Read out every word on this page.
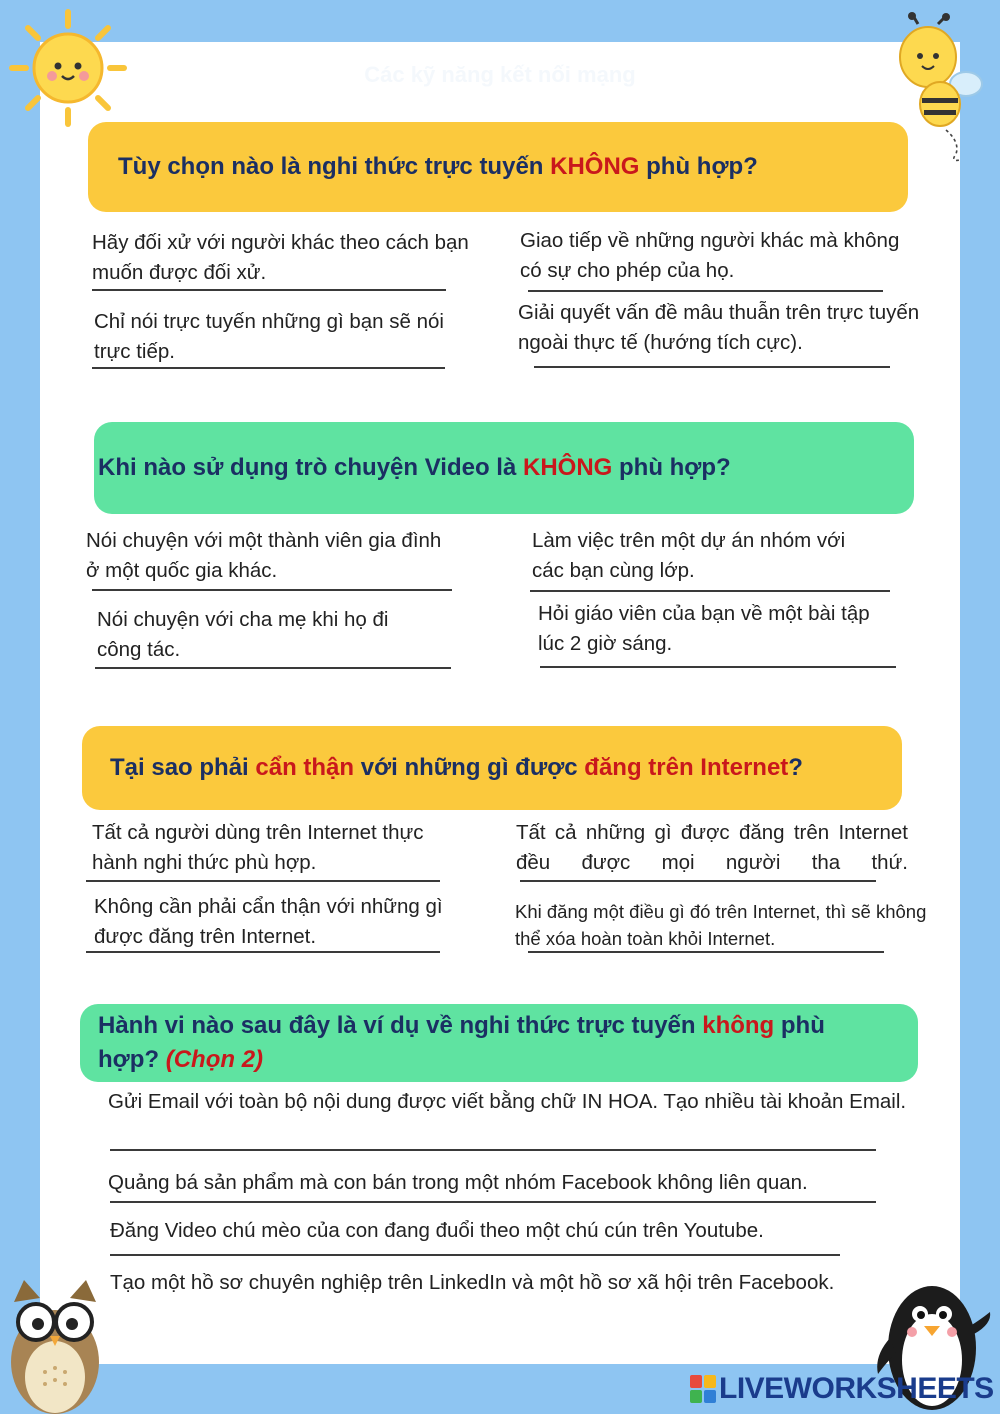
Các kỹ năng kết nối mạng
Tùy chọn nào là nghi thức trực tuyến KHÔNG phù hợp?
Hãy đối xử với người khác theo cách bạn muốn được đối xử.
Giao tiếp về những người khác mà không có sự cho phép của họ.
Chỉ nói trực tuyến những gì bạn sẽ nói trực tiếp.
Giải quyết vấn đề mâu thuẫn trên trực tuyến ngoài thực tế (hướng tích cực).
Khi nào sử dụng trò chuyện Video là KHÔNG phù hợp?
Nói chuyện với một thành viên gia đình ở một quốc gia khác.
Làm việc trên một dự án nhóm với các bạn cùng lớp.
Nói chuyện với cha mẹ khi họ đi công tác.
Hỏi giáo viên của bạn về một bài tập lúc 2 giờ sáng.
Tại sao phải cẩn thận với những gì được đăng trên Internet?
Tất cả người dùng trên Internet thực hành nghi thức phù hợp.
Tất cả những gì được đăng trên Internet đều được mọi người tha thứ.
Không cần phải cẩn thận với những gì được đăng trên Internet.
Khi đăng một điều gì đó trên Internet, thì sẽ không thể xóa hoàn toàn khỏi Internet.
Hành vi nào sau đây là ví dụ về nghi thức trực tuyến không phù hợp? (Chọn 2)
Gửi Email với toàn bộ nội dung được viết bằng chữ IN HOA. Tạo nhiều tài khoản Email.
Quảng bá sản phẩm mà con bán trong một nhóm Facebook không liên quan.
Đăng Video chú mèo của con đang đuổi theo một chú cún trên Youtube.
Tạo một hồ sơ chuyên nghiệp trên LinkedIn và một hồ sơ xã hội trên Facebook.
LIVEWORKSHEETS
